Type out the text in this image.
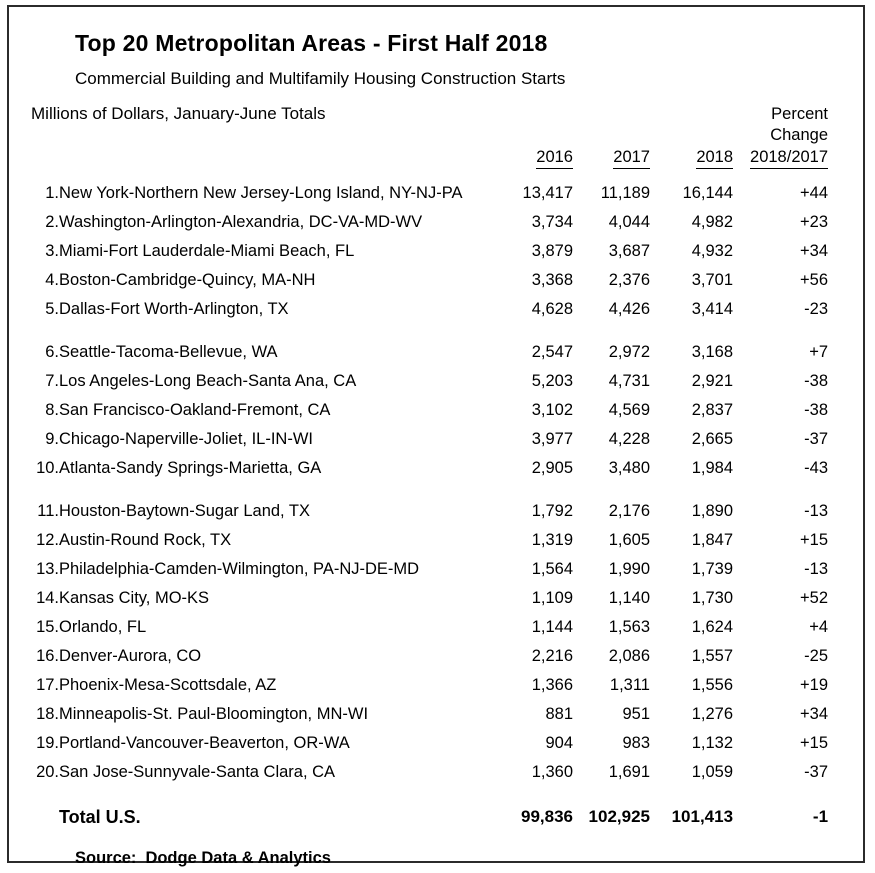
Top 20 Metropolitan Areas - First Half 2018
Commercial Building and Multifamily Housing Construction Starts
Millions of Dollars, January-June Totals					Percent
					Change
		2016	2017	2018	2018/2017
1.	New York-Northern New Jersey-Long Island, NY-NJ-PA	13,417	11,189	16,144	+44
2.	Washington-Arlington-Alexandria, DC-VA-MD-WV	3,734	4,044	4,982	+23
3.	Miami-Fort Lauderdale-Miami Beach, FL	3,879	3,687	4,932	+34
4.	Boston-Cambridge-Quincy, MA-NH	3,368	2,376	3,701	+56
5.	Dallas-Fort Worth-Arlington, TX	4,628	4,426	3,414	-23
6.	Seattle-Tacoma-Bellevue, WA	2,547	2,972	3,168	+7
7.	Los Angeles-Long Beach-Santa Ana, CA	5,203	4,731	2,921	-38
8.	San Francisco-Oakland-Fremont, CA	3,102	4,569	2,837	-38
9.	Chicago-Naperville-Joliet, IL-IN-WI	3,977	4,228	2,665	-37
10.	Atlanta-Sandy Springs-Marietta, GA	2,905	3,480	1,984	-43
11.	Houston-Baytown-Sugar Land, TX	1,792	2,176	1,890	-13
12.	Austin-Round Rock, TX	1,319	1,605	1,847	+15
13.	Philadelphia-Camden-Wilmington, PA-NJ-DE-MD	1,564	1,990	1,739	-13
14.	Kansas City, MO-KS	1,109	1,140	1,730	+52
15.	Orlando, FL	1,144	1,563	1,624	+4
16.	Denver-Aurora, CO	2,216	2,086	1,557	-25
17.	Phoenix-Mesa-Scottsdale, AZ	1,366	1,311	1,556	+19
18.	Minneapolis-St. Paul-Bloomington, MN-WI	881	951	1,276	+34
19.	Portland-Vancouver-Beaverton, OR-WA	904	983	1,132	+15
20.	San Jose-Sunnyvale-Santa Clara, CA	1,360	1,691	1,059	-37
	Total U.S.	99,836	102,925	101,413	-1
Source: Dodge Data & Analytics
